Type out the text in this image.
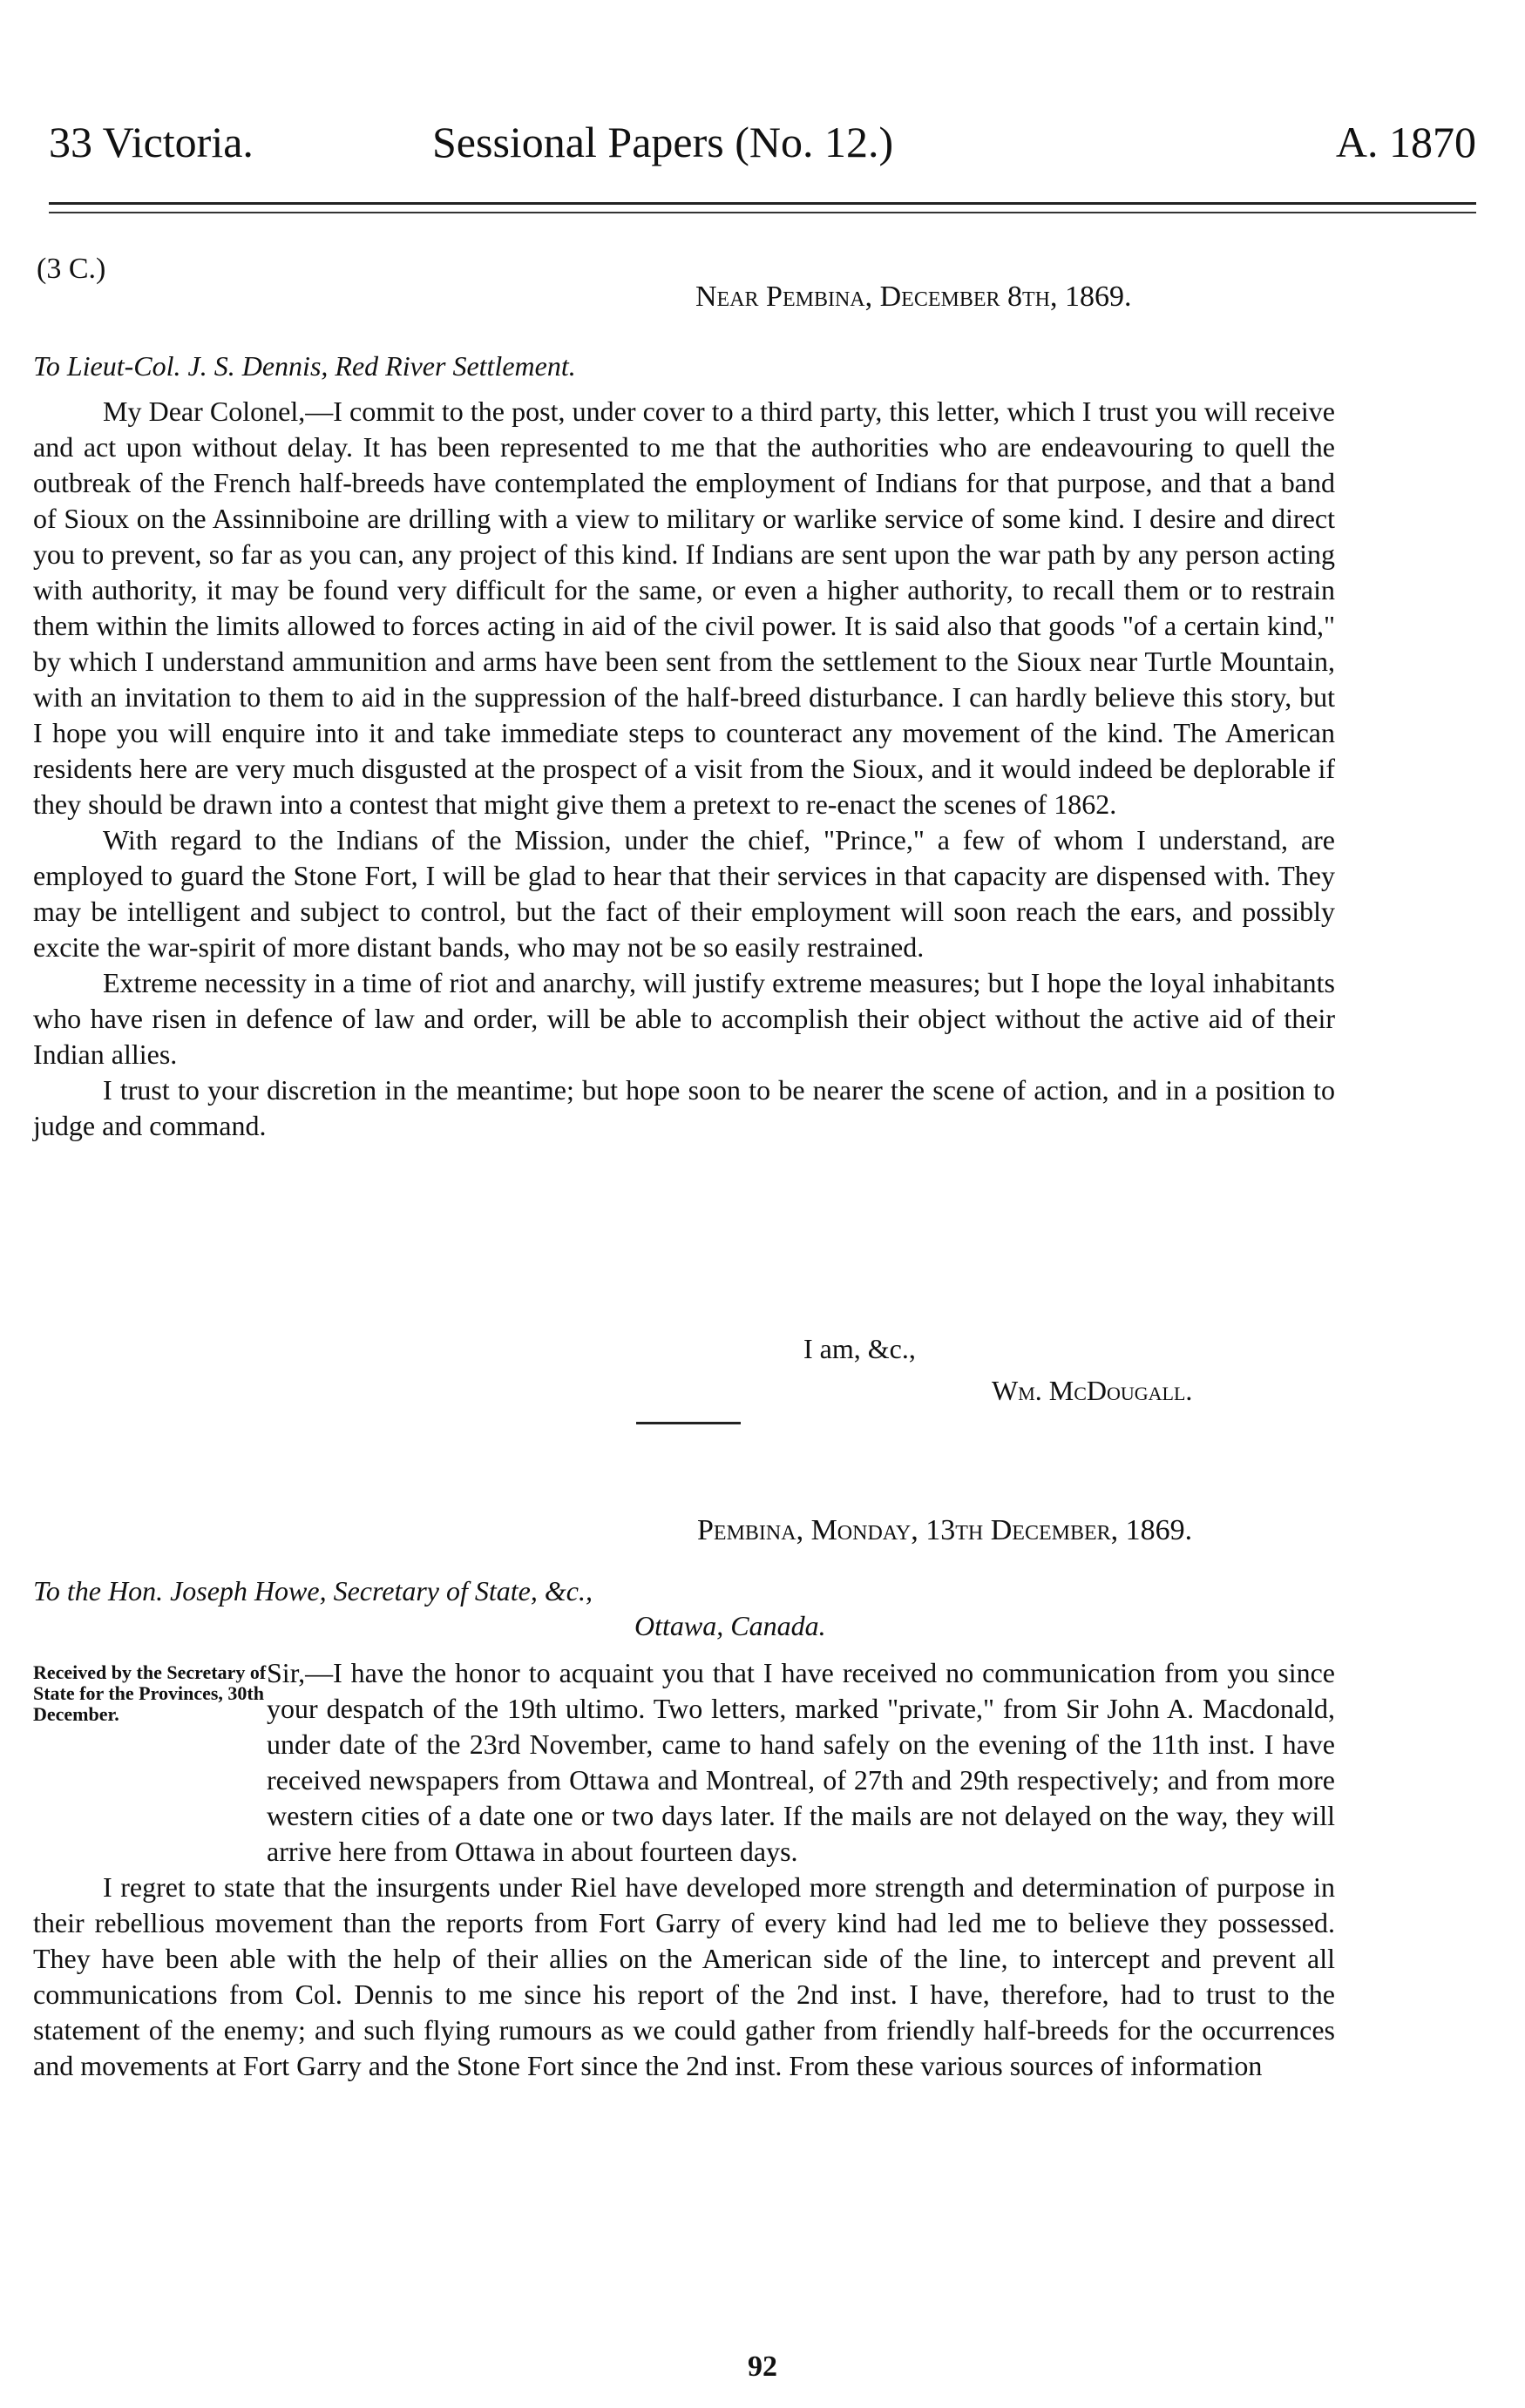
33 Victoria.	Sessional Papers (No. 12.)	A. 1870
(3 C.)
Near Pembina, December 8th, 1869.
To Lieut-Col. J. S. Dennis, Red River Settlement.

My Dear Colonel,—I commit to the post, under cover to a third party, this letter, which I trust you will receive and act upon without delay. It has been represented to me that the authorities who are endeavouring to quell the outbreak of the French half-breeds have contemplated the employment of Indians for that purpose, and that a band of Sioux on the Assinniboine are drilling with a view to military or warlike service of some kind. I desire and direct you to prevent, so far as you can, any project of this kind. If Indians are sent upon the war path by any person acting with authority, it may be found very difficult for the same, or even a higher authority, to recall them or to restrain them within the limits allowed to forces acting in aid of the civil power. It is said also that goods "of a certain kind," by which I understand ammunition and arms have been sent from the settlement to the Sioux near Turtle Mountain, with an invitation to them to aid in the suppression of the half-breed disturbance. I can hardly believe this story, but I hope you will enquire into it and take immediate steps to counteract any movement of the kind. The American residents here are very much disgusted at the prospect of a visit from the Sioux, and it would indeed be deplorable if they should be drawn into a contest that might give them a pretext to re-enact the scenes of 1862.

With regard to the Indians of the Mission, under the chief, "Prince," a few of whom I understand, are employed to guard the Stone Fort, I will be glad to hear that their services in that capacity are dispensed with. They may be intelligent and subject to control, but the fact of their employment will soon reach the ears, and possibly excite the war-spirit of more distant bands, who may not be so easily restrained.

Extreme necessity in a time of riot and anarchy, will justify extreme measures; but I hope the loyal inhabitants who have risen in defence of law and order, will be able to accomplish their object without the active aid of their Indian allies.

I trust to your discretion in the meantime; but hope soon to be nearer the scene of action, and in a position to judge and command.

I am, &c.,
Wm. McDougall.
Pembina, Monday, 13th December, 1869.
To the Hon. Joseph Howe, Secretary of State, &c.,
Ottawa, Canada.
Received by the Secretary of State for the Provinces, 30th December.

Sir,—I have the honor to acquaint you that I have received no communication from you since your despatch of the 19th ultimo. Two letters, marked "private," from Sir John A. Macdonald, under date of the 23rd November, came to hand safely on the evening of the 11th inst. I have received newspapers from Ottawa and Montreal, of 27th and 29th respectively; and from more western cities of a date one or two days later. If the mails are not delayed on the way, they will arrive here from Ottawa in about fourteen days.

I regret to state that the insurgents under Riel have developed more strength and determination of purpose in their rebellious movement than the reports from Fort Garry of every kind had led me to believe they possessed. They have been able with the help of their allies on the American side of the line, to intercept and prevent all communications from Col. Dennis to me since his report of the 2nd inst. I have, therefore, had to trust to the statement of the enemy; and such flying rumours as we could gather from friendly half-breeds for the occurrences and movements at Fort Garry and the Stone Fort since the 2nd inst. From these various sources of information

92
